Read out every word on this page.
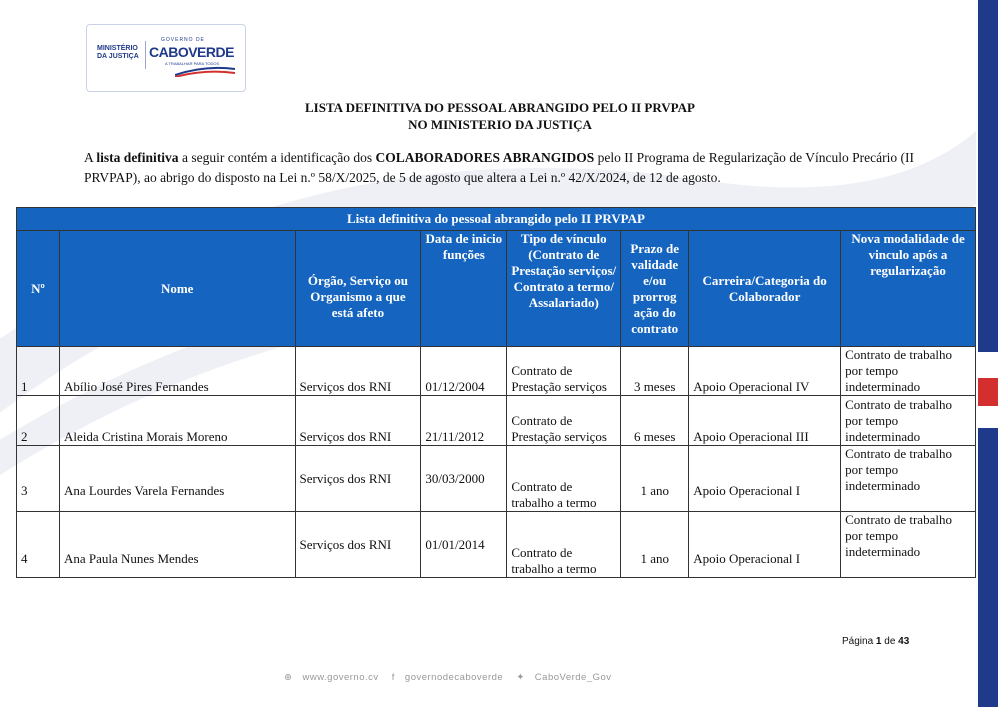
MINISTÉRIO
DA JUSTIÇA
GOVERNO DE
CABOVERDE
A TRABALHAR PARA TODOS
LISTA DEFINITIVA DO PESSOAL ABRANGIDO PELO II PRVPAP
NO MINISTERIO DA JUSTIÇA
A lista definitiva a seguir contém a identificação dos COLABORADORES ABRANGIDOS pelo II Programa de Regularização de Vínculo Precário (II PRVPAP), ao abrigo do disposto na Lei n.º 58/X/2025, de 5 de agosto que altera a Lei n.º 42/X/2024, de 12 de agosto.
Lista definitiva do pessoal abrangido pelo II PRVPAP							
Nº	Nome	Órgão, Serviço ou Organismo a que está afeto	Data de inicio funções	Tipo de vínculo (Contrato de Prestação serviços/ Contrato a termo/ Assalariado)	Prazo de validade e/ou prorrog ação do contrato	Carreira/Categoria do Colaborador	Nova modalidade de vinculo após a regularização
1	Abílio José Pires Fernandes	Serviços dos RNI	01/12/2004	Contrato de Prestação serviços	3 meses	Apoio Operacional IV	Contrato de trabalho por tempo indeterminado
2	Aleida Cristina Morais Moreno	Serviços dos RNI	21/11/2012	Contrato de Prestação serviços	6 meses	Apoio Operacional III	Contrato de trabalho por tempo indeterminado
3	Ana Lourdes Varela Fernandes	Serviços dos RNI	30/03/2000	Contrato de trabalho a termo	1 ano	Apoio Operacional I	Contrato de trabalho por tempo indeterminado
4	Ana Paula Nunes Mendes	Serviços dos RNI	01/01/2014	Contrato de trabalho a termo	1 ano	Apoio Operacional I	Contrato de trabalho por tempo indeterminado
Página 1 de 43
⊕ www.governo.cv f governodecaboverde ✦ CaboVerde_Gov
